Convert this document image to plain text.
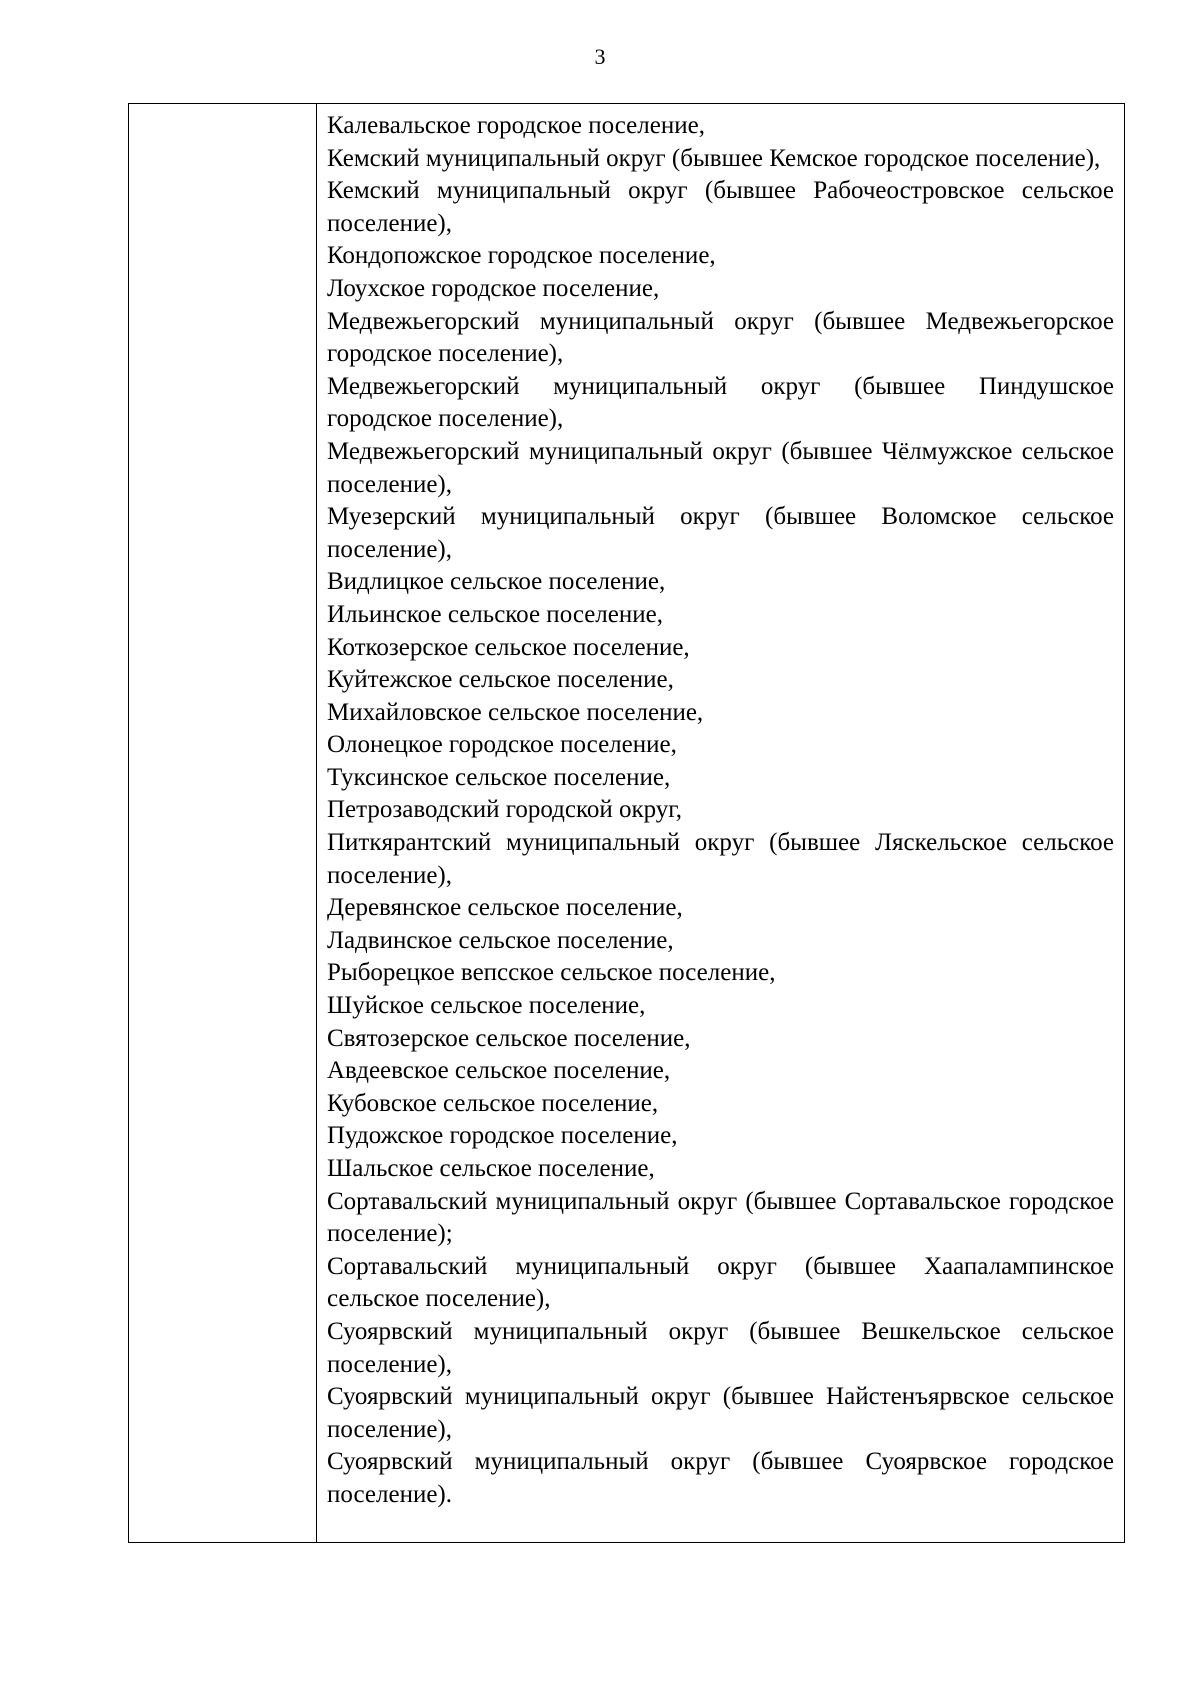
3

Калевальское городское поселение,

Кемский муниципальный округ (бывшее Кемское городское поселение),

Кемский муниципальный округ (бывшее Рабочеостровское сельское поселение),

Кондопожское городское поселение,

Лоухское городское поселение,

Медвежьегорский муниципальный округ (бывшее Медвежьегорское городское поселение),

Медвежьегорский муниципальный округ (бывшее Пиндушское городское поселение),

Медвежьегорский муниципальный округ (бывшее Чёлмужское сельское поселение),

Муезерский муниципальный округ (бывшее Воломское сельское поселение),

Видлицкое сельское поселение,

Ильинское сельское поселение,

Коткозерское сельское поселение,

Куйтежское сельское поселение,

Михайловское сельское поселение,

Олонецкое городское поселение,

Туксинское сельское поселение,

Петрозаводский городской округ,

Питкярантский муниципальный округ (бывшее Ляскельское сельское поселение),

Деревянское сельское поселение,

Ладвинское сельское поселение,

Рыборецкое вепсское сельское поселение,

Шуйское сельское поселение,

Святозерское сельское поселение,

Авдеевское сельское поселение,

Кубовское сельское поселение,

Пудожское городское поселение,

Шальское сельское поселение,

Сортавальский муниципальный округ (бывшее Сортавальское городское поселение);

Сортавальский муниципальный округ (бывшее Хаапалампинское сельское поселение),

Суоярвский муниципальный округ (бывшее Вешкельское сельское поселение),

Суоярвский муниципальный округ (бывшее Найстенъярвское сельское поселение),

Суоярвский муниципальный округ (бывшее Суоярвское городское поселение).
